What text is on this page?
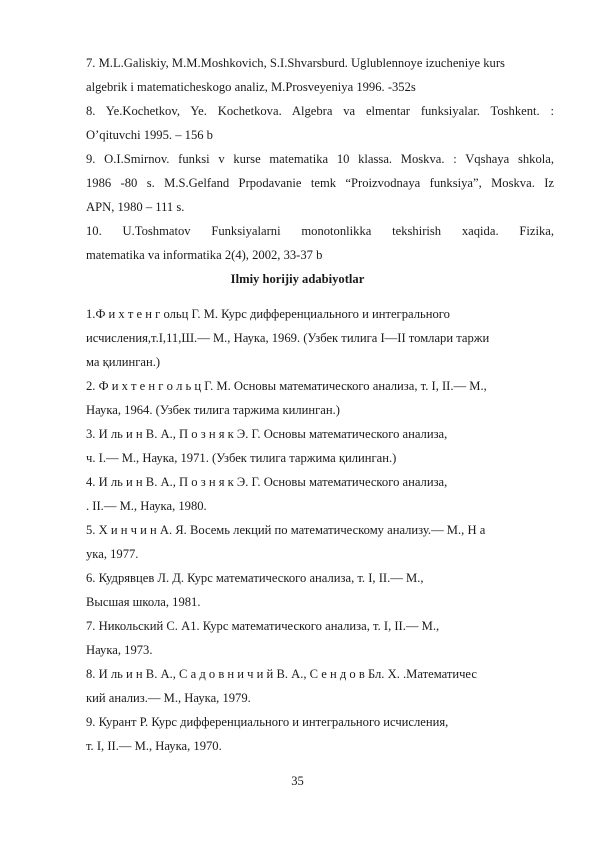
7. M.L.Galiskiy, M.M.Moshkovich, S.I.Shvarsburd. Uglublennoye izucheniye kurs
algebrik i matematicheskogo analiz, M.Prosveyeniya 1996. -352s
8. Ye.Kochetkov, Ye. Kochetkova. Algebra va elmentar funksiyalar. Toshkent. :
O’qituvchi 1995. – 156 b
9. O.I.Smirnov. funksi v kurse matematika 10 klassa. Moskva. : Vqshaya shkola,
1986 -80 s. M.S.Gelfand Prpodavanie temk “Proizvodnaya funksiya”, Moskva. Iz
APN, 1980 – 111 s.
10. U.Toshmatov Funksiyalarni monotonlikka tekshirish xaqida. Fizika,
matematika va informatika 2(4), 2002, 33-37 b
Ilmiy horijiy adabiyotlar
1.Ф и х т е н г ольц Г. М. Курс дифференциального и интегрального
исчисления,т.I,11,Ш.— М., Наука, 1969. (Узбек тилига I—II томлари таржи
ма қилинган.)
2. Ф и х т е н г о л ь ц Г. М. Основы математического анализа, т. I, II.— М.,
Наука, 1964. (Узбек тилига таржима килинган.)
3. И ль и н В. А., П о з н я к Э. Г. Основы математического анализа,
ч. I.— М., Наука, 1971. (Узбек тилига таржима қилинган.)
4. И ль и н В. А., П о з н я к Э. Г. Основы математического анализа,
. II.— М., Наука, 1980.
5. Х и н ч и н А. Я. Восемь лекций по математическому анализу.— М., Н а
ука, 1977.
6. Кудрявцев Л. Д. Курс математического анализа, т. I, II.— М.,
Высшая школа, 1981.
7. Никольский С. А1. Курс математического анализа, т. I, II.— М.,
Наука, 1973.
8. И ль и н В. А., С а д о в н и ч и й В. А., С е н д о в Бл. Х. .Математичес
кий анализ.— М., Наука, 1979.
9. Курант Р. Курс дифференциального и интегрального исчисления,
т. I, II.— М., Наука, 1970.
35
